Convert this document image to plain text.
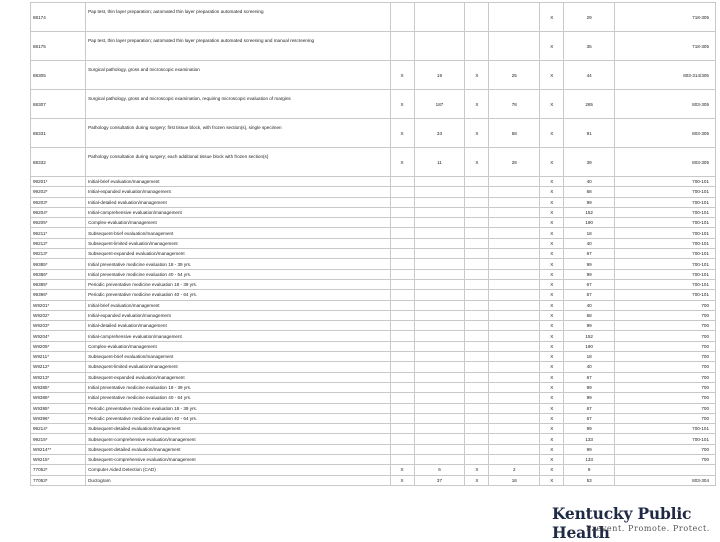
88174	Pap test, thin layer preparation; automated thin layer preparation automated screening					X	29	718-305
88175	Pap test, thin layer preparation; automated thin layer preparation automated screening and manual rescreening					X	35	718-305
88305	Surgical pathology, gross and microscopic examination	X	19	X	25	X	44	803-314/305
88307	Surgical pathology, gross and microscopic examination, requiring microscopic evaluation of margins	X	187	X	78	X	265	803-305
88331	Pathology consultation during surgery; first tissue block, with frozen section(s), single specimen	X	33	X	58	X	91	803-305
88332	Pathology consultation during surgery; each additional tissue block with frozen section(s)	X	11	X	28	X	39	803-305
99201*	Initial-brief evaluation/management					X	40	700-101
99202*	Initial-expanded evaluation/management					X	68	700-101
99203*	Initial-detailed evaluation/management					X	99	700-101
99204*	Initial-comprehensive evaluation/management					X	152	700-101
99205*	Complex-evaluation/management					X	190	700-101
99211*	Subsequent-brief evaluation/management					X	18	700-101
99212*	Subsequent-limited evaluation/management					X	40	700-101
99213*	Subsequent-expanded evaluation/management					X	67	700-101
99385*	Initial preventative medicine evaluation 18 - 39 yrs.					X	99	700-101
99386*	Initial preventative medicine evaluation 40 - 64 yrs.					X	99	700-101
99395*	Periodic preventative medicine evaluation 18 - 39 yrs.					X	67	700-101
99396*	Periodic preventative medicine evaluation 40 - 64 yrs.					X	67	700-101
W9201*	Initial-brief evaluation/management					X	40	700
W9202*	Initial-expanded evaluation/management					X	68	700
W9203*	Initial-detailed evaluation/management					X	99	700
W9204*	Initial-comprehensive evaluation/management					X	152	700
W9205*	Complex-evaluation/management					X	190	700
W9211*	Subsequent-brief evaluation/management					X	18	700
W9212*	Subsequent-limited evaluation/management					X	40	700
W9213*	Subsequent-expanded evaluation/management					X	67	700
W9385*	Initial preventative medicine evaluation 18 - 39 yrs.					X	99	700
W9386*	Initial preventative medicine evaluation 40 - 64 yrs.					X	99	700
W9395*	Periodic preventative medicine evaluation 18 - 39 yrs.					X	67	700
W9396*	Periodic preventative medicine evaluation 40 - 64 yrs.					X	67	700
99214*	Subsequent-detailed evaluation/management					X	99	700-101
99215*	Subsequent-comprehensive evaluation/management					X	133	700-101
W9214**	Subsequent-detailed evaluation/management					X	99	700
W9215*	Subsequent-comprehensive evaluation/management					X	133	700
77052*	Computer Aided Detection (CAD)	X	6	X	2	X	8	
77053*	Ductogram	X	37	X	16	X	53	803-304
Kentucky Public Health
Prevent. Promote. Protect.
